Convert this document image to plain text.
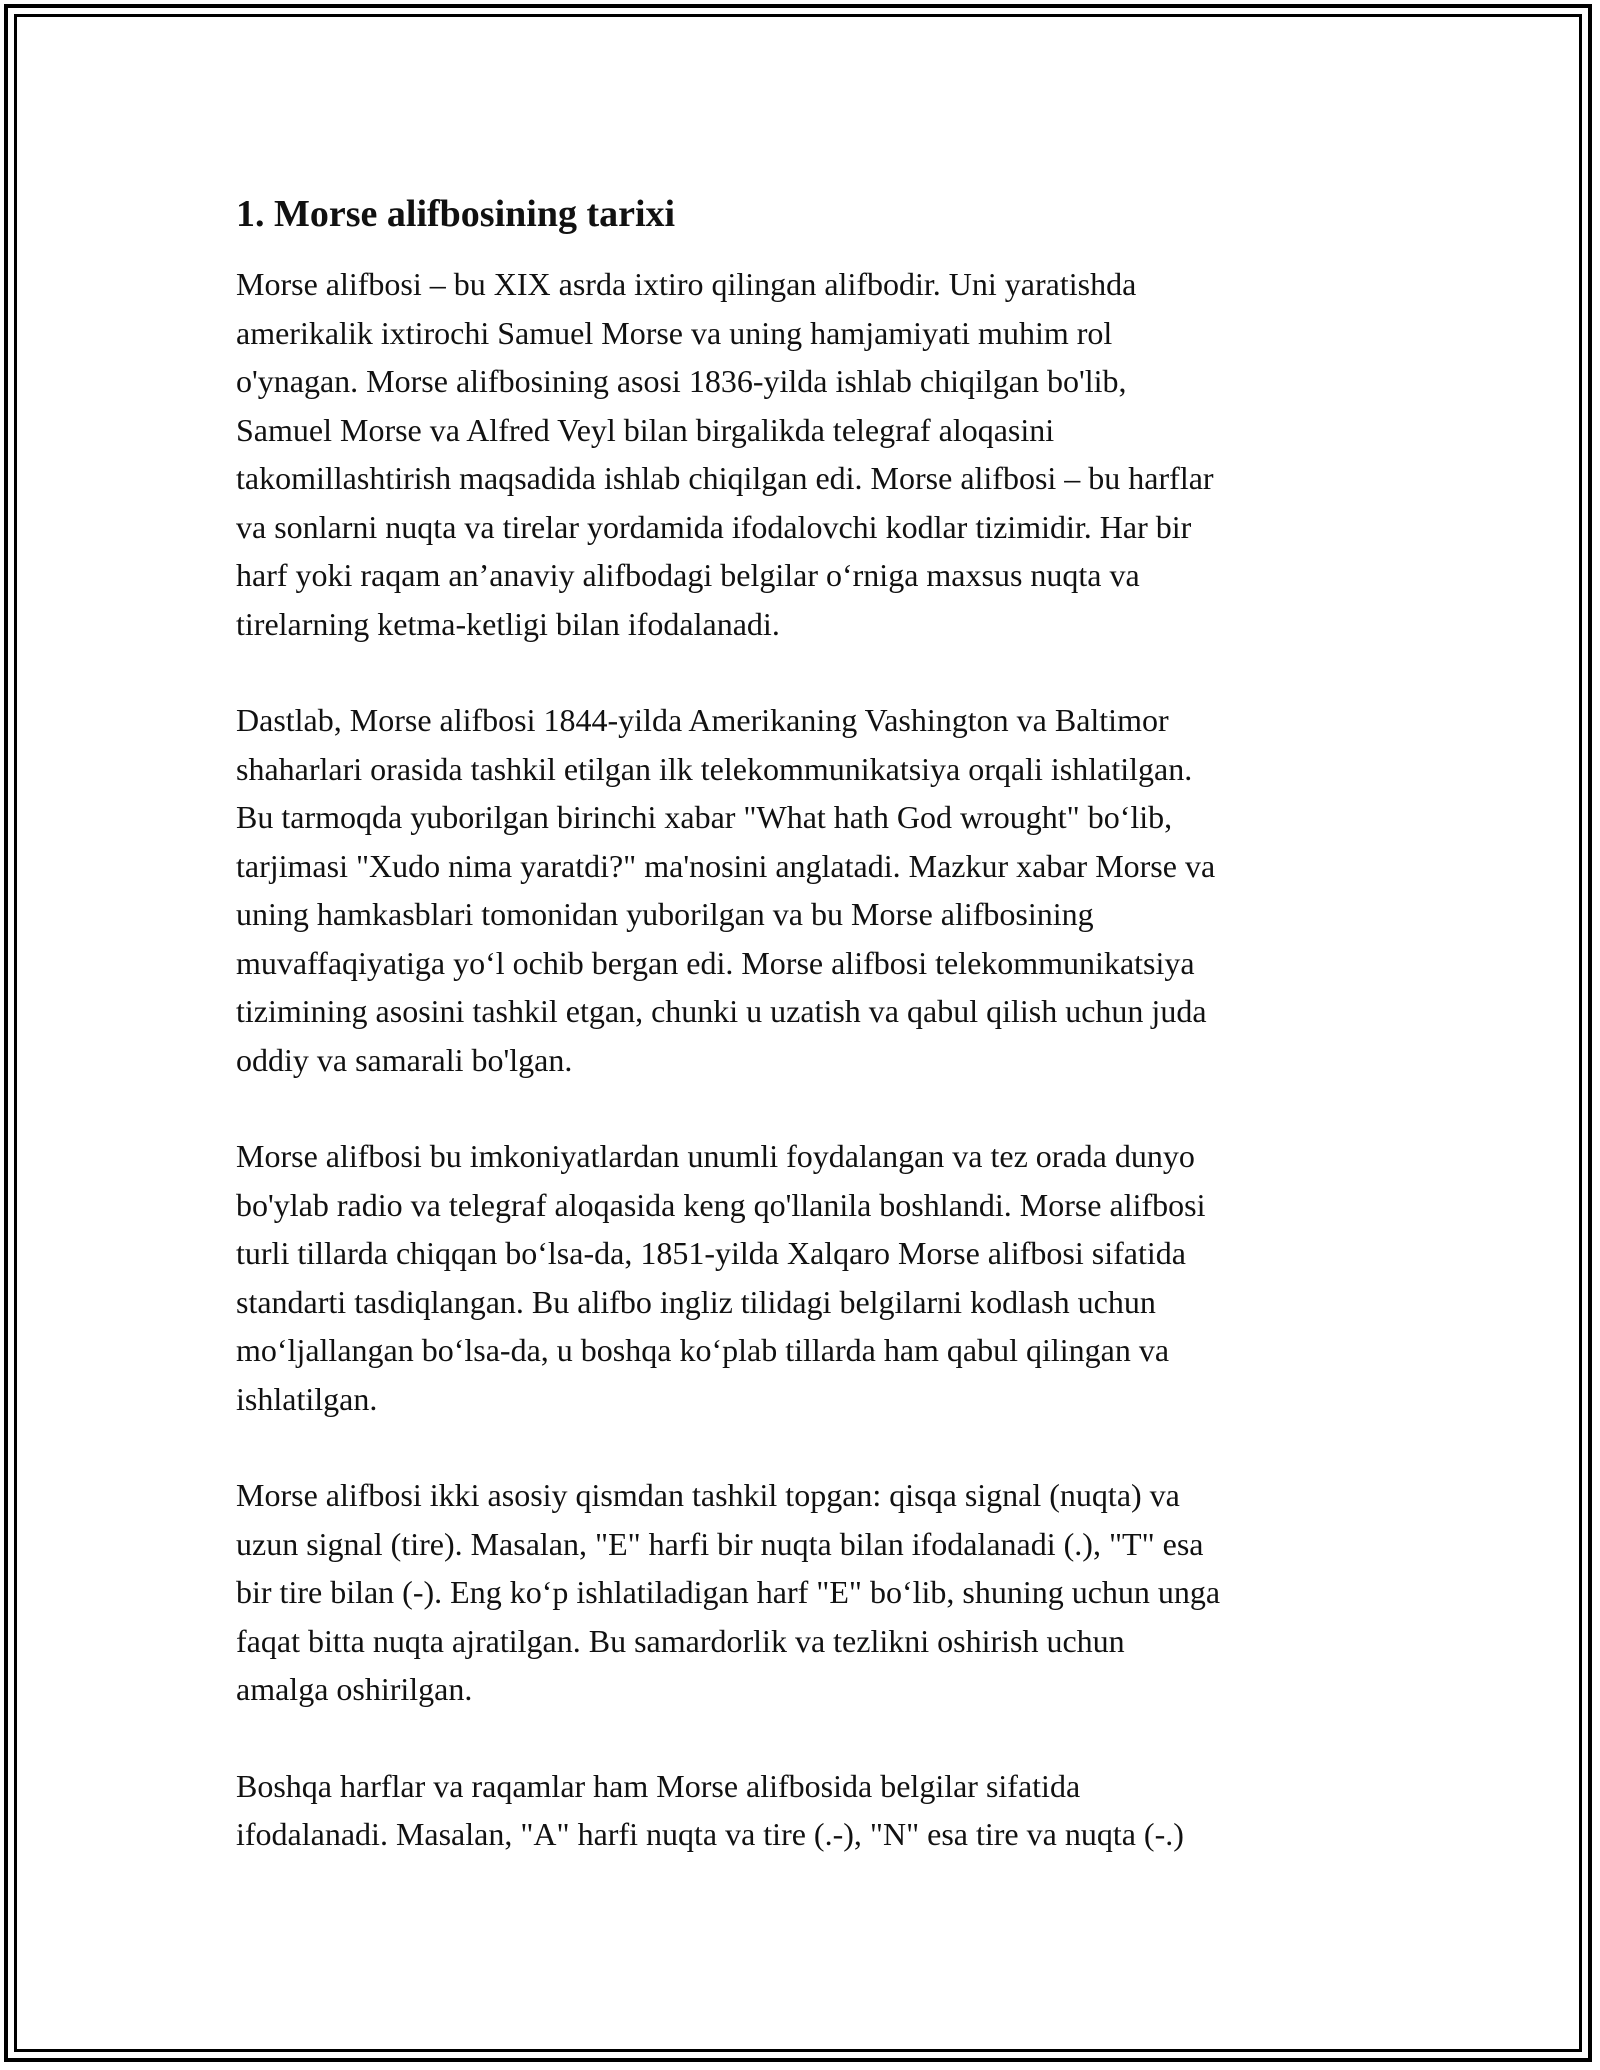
1. Morse alifbosining tarixi

Morse alifbosi – bu XIX asrda ixtiro qilingan alifbodir. Uni yaratishda
amerikalik ixtirochi Samuel Morse va uning hamjamiyati muhim rol
o'ynagan. Morse alifbosining asosi 1836-yilda ishlab chiqilgan bo'lib,
Samuel Morse va Alfred Veyl bilan birgalikda telegraf aloqasini
takomillashtirish maqsadida ishlab chiqilgan edi. Morse alifbosi – bu harflar
va sonlarni nuqta va tirelar yordamida ifodalovchi kodlar tizimidir. Har bir
harf yoki raqam an’anaviy alifbodagi belgilar o‘rniga maxsus nuqta va
tirelarning ketma-ketligi bilan ifodalanadi.

Dastlab, Morse alifbosi 1844-yilda Amerikaning Vashington va Baltimor
shaharlari orasida tashkil etilgan ilk telekommunikatsiya orqali ishlatilgan.
Bu tarmoqda yuborilgan birinchi xabar "What hath God wrought" bo‘lib,
tarjimasi "Xudo nima yaratdi?" ma'nosini anglatadi. Mazkur xabar Morse va
uning hamkasblari tomonidan yuborilgan va bu Morse alifbosining
muvaffaqiyatiga yo‘l ochib bergan edi. Morse alifbosi telekommunikatsiya
tizimining asosini tashkil etgan, chunki u uzatish va qabul qilish uchun juda
oddiy va samarali bo'lgan.

Morse alifbosi bu imkoniyatlardan unumli foydalangan va tez orada dunyo
bo'ylab radio va telegraf aloqasida keng qo'llanila boshlandi. Morse alifbosi
turli tillarda chiqqan bo‘lsa-da, 1851-yilda Xalqaro Morse alifbosi sifatida
standarti tasdiqlangan. Bu alifbo ingliz tilidagi belgilarni kodlash uchun
mo‘ljallangan bo‘lsa-da, u boshqa ko‘plab tillarda ham qabul qilingan va
ishlatilgan.

Morse alifbosi ikki asosiy qismdan tashkil topgan: qisqa signal (nuqta) va
uzun signal (tire). Masalan, "E" harfi bir nuqta bilan ifodalanadi (.), "T" esa
bir tire bilan (-). Eng ko‘p ishlatiladigan harf "E" bo‘lib, shuning uchun unga
faqat bitta nuqta ajratilgan. Bu samardorlik va tezlikni oshirish uchun
amalga oshirilgan.

Boshqa harflar va raqamlar ham Morse alifbosida belgilar sifatida
ifodalanadi. Masalan, "A" harfi nuqta va tire (.-), "N" esa tire va nuqta (-.)
